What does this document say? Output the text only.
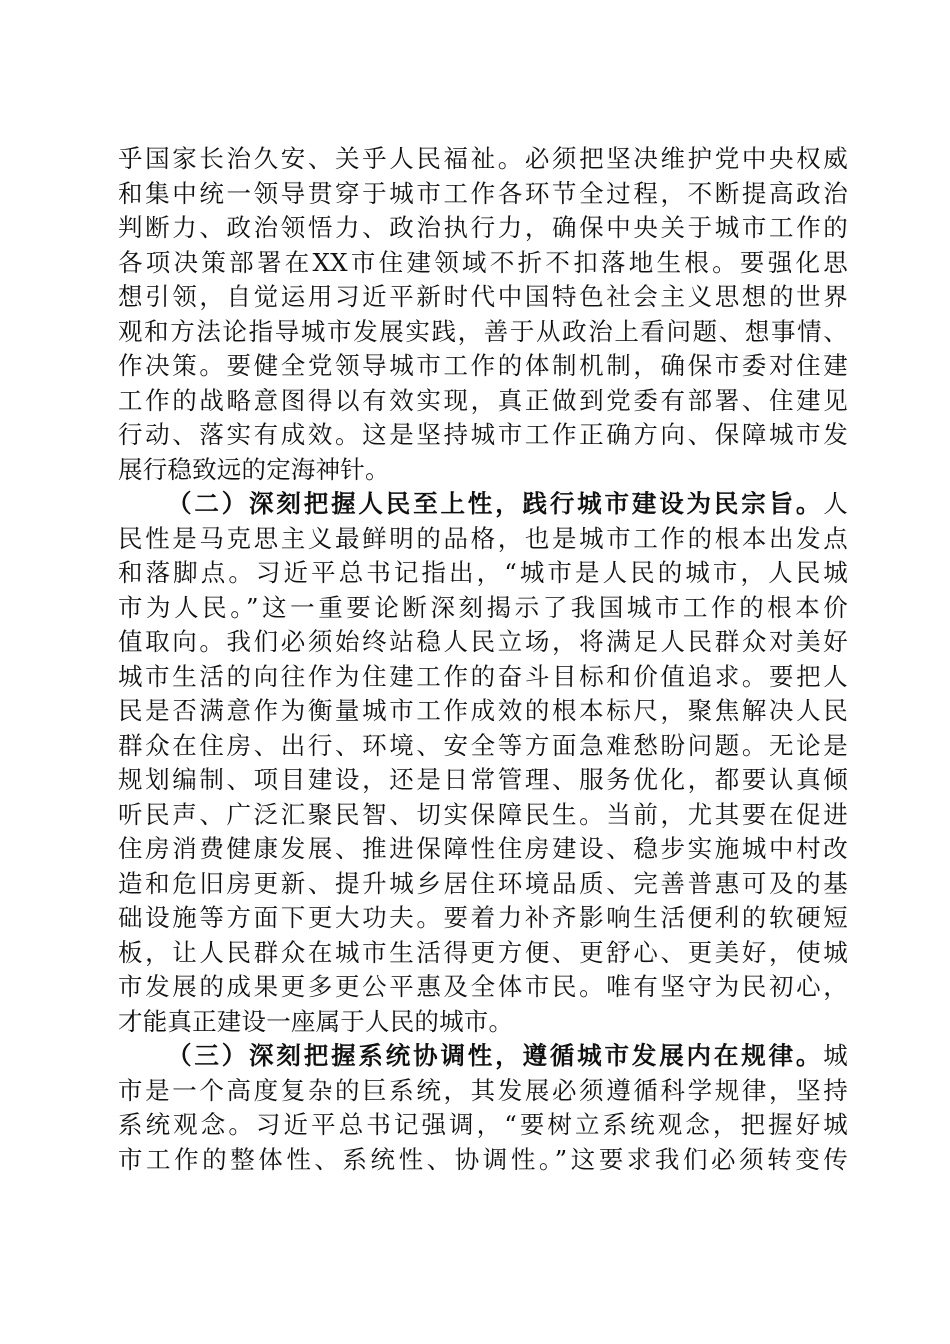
乎国家长治久安、关乎人民福祉。必须把坚决维护党中央权威
和集中统一领导贯穿于城市工作各环节全过程，不断提高政治
判断力、政治领悟力、政治执行力，确保中央关于城市工作的
各项决策部署在XX市住建领域不折不扣落地生根。要强化思
想引领，自觉运用习近平新时代中国特色社会主义思想的世界
观和方法论指导城市发展实践，善于从政治上看问题、想事情、
作决策。要健全党领导城市工作的体制机制，确保市委对住建
工作的战略意图得以有效实现，真正做到党委有部署、住建见
行动、落实有成效。这是坚持城市工作正确方向、保障城市发
展行稳致远的定海神针。
（二）深刻把握人民至上性，践行城市建设为民宗旨。人
民性是马克思主义最鲜明的品格，也是城市工作的根本出发点
和落脚点。习近平总书记指出，“城市是人民的城市，人民城
市为人民。”这一重要论断深刻揭示了我国城市工作的根本价
值取向。我们必须始终站稳人民立场，将满足人民群众对美好
城市生活的向往作为住建工作的奋斗目标和价值追求。要把人
民是否满意作为衡量城市工作成效的根本标尺，聚焦解决人民
群众在住房、出行、环境、安全等方面急难愁盼问题。无论是
规划编制、项目建设，还是日常管理、服务优化，都要认真倾
听民声、广泛汇聚民智、切实保障民生。当前，尤其要在促进
住房消费健康发展、推进保障性住房建设、稳步实施城中村改
造和危旧房更新、提升城乡居住环境品质、完善普惠可及的基
础设施等方面下更大功夫。要着力补齐影响生活便利的软硬短
板，让人民群众在城市生活得更方便、更舒心、更美好，使城
市发展的成果更多更公平惠及全体市民。唯有坚守为民初心，
才能真正建设一座属于人民的城市。
（三）深刻把握系统协调性，遵循城市发展内在规律。城
市是一个高度复杂的巨系统，其发展必须遵循科学规律，坚持
系统观念。习近平总书记强调，“要树立系统观念，把握好城
市工作的整体性、系统性、协调性。”这要求我们必须转变传
